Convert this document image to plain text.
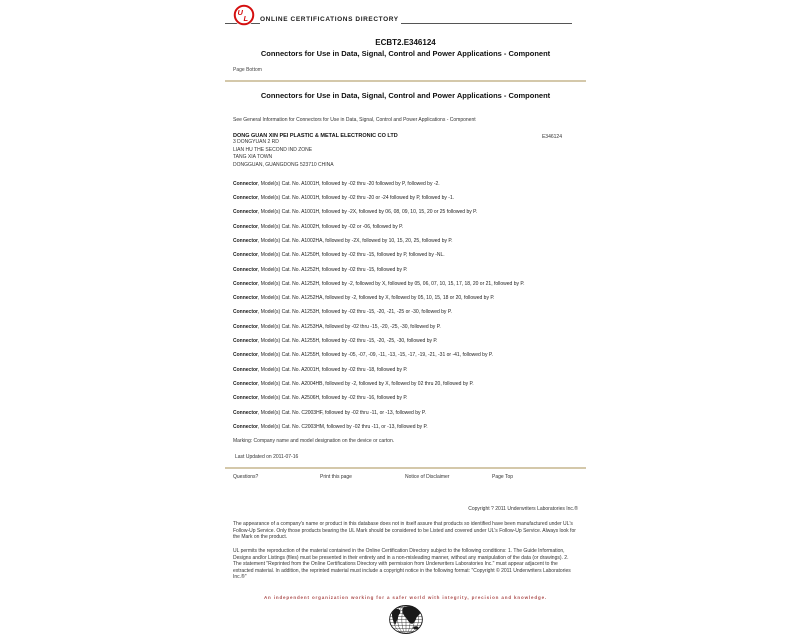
ONLINE CERTIFICATIONS DIRECTORY
U
L
ECBT2.E346124
Connectors for Use in Data, Signal, Control and Power Applications - Component
Page Bottom
Connectors for Use in Data, Signal, Control and Power Applications - Component
See General Information for Connectors for Use in Data, Signal, Control and Power Applications - Component
DONG GUAN XIN PEI PLASTIC & METAL ELECTRONIC CO LTD	E346124
3 DONGYUAN 2 RD
LIAN HU THE SECOND IND ZONE
TANG XIA TOWN
DONGGUAN, GUANGDONG 523710 CHINA
Connector, Model(s) Cat. No. A1001H, followed by -02 thru -20 followed by P, followed by -2.
Connector, Model(s) Cat. No. A1001H, followed by -02 thru -20 or -24 followed by P, followed by -1.
Connector, Model(s) Cat. No. A1001H, followed by -2X, followed by 06, 08, 09, 10, 15, 20 or 25 followed by P.
Connector, Model(s) Cat. No. A1002H, followed by -02 or -06, followed by P.
Connector, Model(s) Cat. No. A1002HA, followed by -2X, followed by 10, 15, 20, 25, followed by P.
Connector, Model(s) Cat. No. A1250H, followed by -02 thru -15, followed by P, followed by -NL.
Connector, Model(s) Cat. No. A1252H, followed by -02 thru -15, followed by P.
Connector, Model(s) Cat. No. A1252H, followed by -2, followed by X, followed by 05, 06, 07, 10, 15, 17, 18, 20 or 21, followed by P.
Connector, Model(s) Cat. No. A1252HA, followed by -2, followed by X, followed by 05, 10, 15, 18 or 20, followed by P.
Connector, Model(s) Cat. No. A1253H, followed by -02 thru -15, -20, -21, -25 or -30, followed by P.
Connector, Model(s) Cat. No. A1253HA, followed by -02 thru -15, -20, -25, -30, followed by P.
Connector, Model(s) Cat. No. A1255H, followed by -02 thru -15, -20, -25, -30, followed by P.
Connector, Model(s) Cat. No. A1255H, followed by -05, -07, -09, -11, -13, -15, -17, -19, -21, -31 or -41, followed by P.
Connector, Model(s) Cat. No. A2001H, followed by -02 thru -18, followed by P.
Connector, Model(s) Cat. No. A2004HB, followed by -2, followed by X, followed by 02 thru 20, followed by P.
Connector, Model(s) Cat. No. A2506H, followed by -02 thru -16, followed by P.
Connector, Model(s) Cat. No. C2003HF, followed by -02 thru -11, or -13, followed by P.
Connector, Model(s) Cat. No. C2003HM, followed by -02 thru -11, or -13, followed by P.
Marking: Company name and model designation on the device or carton.
Last Updated on 2011-07-16
Questions?	Print this page	Notice of Disclaimer	Page Top
Copyright ? 2011 Underwriters Laboratories Inc.®
The appearance of a company's name or product in this database does not in itself assure that products so identified have been manufactured under UL's Follow-Up Service. Only those products bearing the UL Mark should be considered to be Listed and covered under UL's Follow-Up Service. Always look for the Mark on the product.
UL permits the reproduction of the material contained in the Online Certification Directory subject to the following conditions: 1. The Guide Information, Designs and/or Listings (files) must be presented in their entirety and in a non-misleading manner, without any manipulation of the data (or drawings). 2. The statement "Reprinted from the Online Certifications Directory with permission from Underwriters Laboratories Inc." must appear adjacent to the extracted material. In addition, the reprinted material must include a copyright notice in the following format: "Copyright © 2011 Underwriters Laboratories Inc.®"
An independent organization working for a safer world with integrity, precision and knowledge.
